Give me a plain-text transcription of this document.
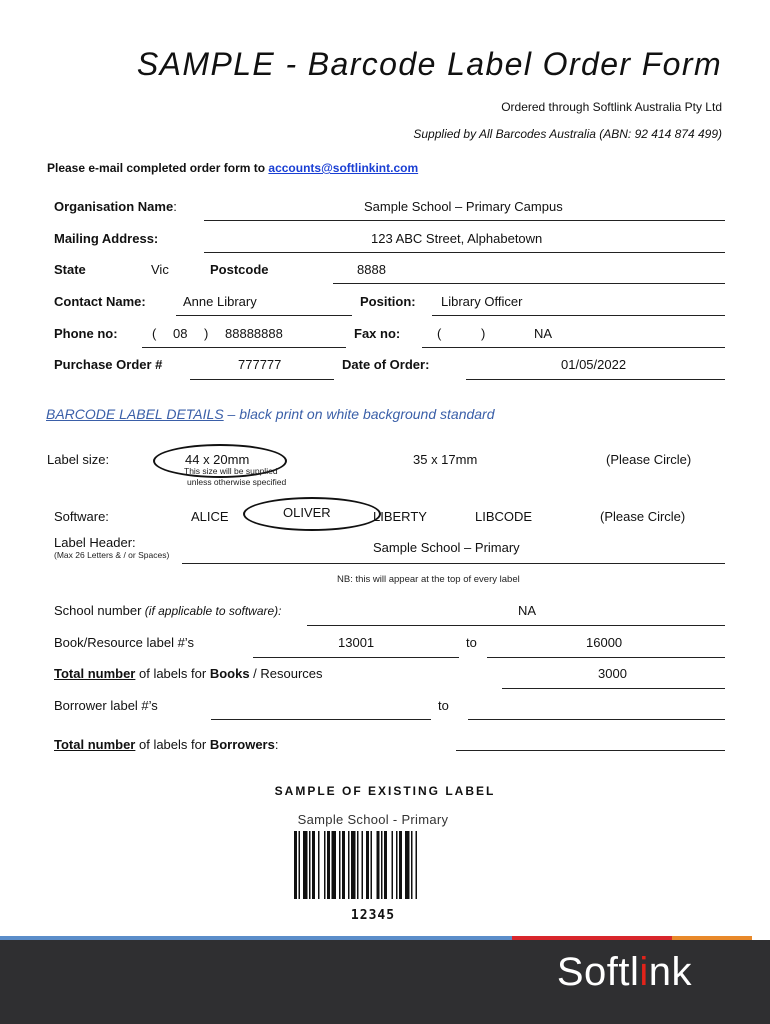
SAMPLE - Barcode Label Order Form
Ordered through Softlink Australia Pty Ltd
Supplied by All Barcodes Australia (ABN: 92 414 874 499)
Please e-mail completed order form to accounts@softlinkint.com
Organisation Name:	Sample School – Primary Campus
Mailing Address:	123 ABC Street, Alphabetown
State	Vic	Postcode	8888
Contact Name:	Anne Library	Position: Library Officer
Phone no:	( 08 ) 88888888	Fax no:	(	)	NA
Purchase Order #	777777	Date of Order:	01/05/2022
BARCODE LABEL DETAILS – black print on white background standard
Label size:	44 x 20mm
This size will be supplied
unless otherwise specified
35 x 17mm	(Please Circle)
Software:	ALICE	OLIVER	LIBERTY	LIBCODE	(Please Circle)
Label Header:
(Max 26 Letters & / or Spaces)	Sample School – Primary
NB: this will appear at the top of every label
School number (if applicable to software):	NA
Book/Resource label #’s	13001	to	16000
Total number of labels for Books / Resources	3000
Borrower label #’s	to
Total number of labels for Borrowers:
SAMPLE OF EXISTING LABEL
Sample School - Primary
12345
Softlink
